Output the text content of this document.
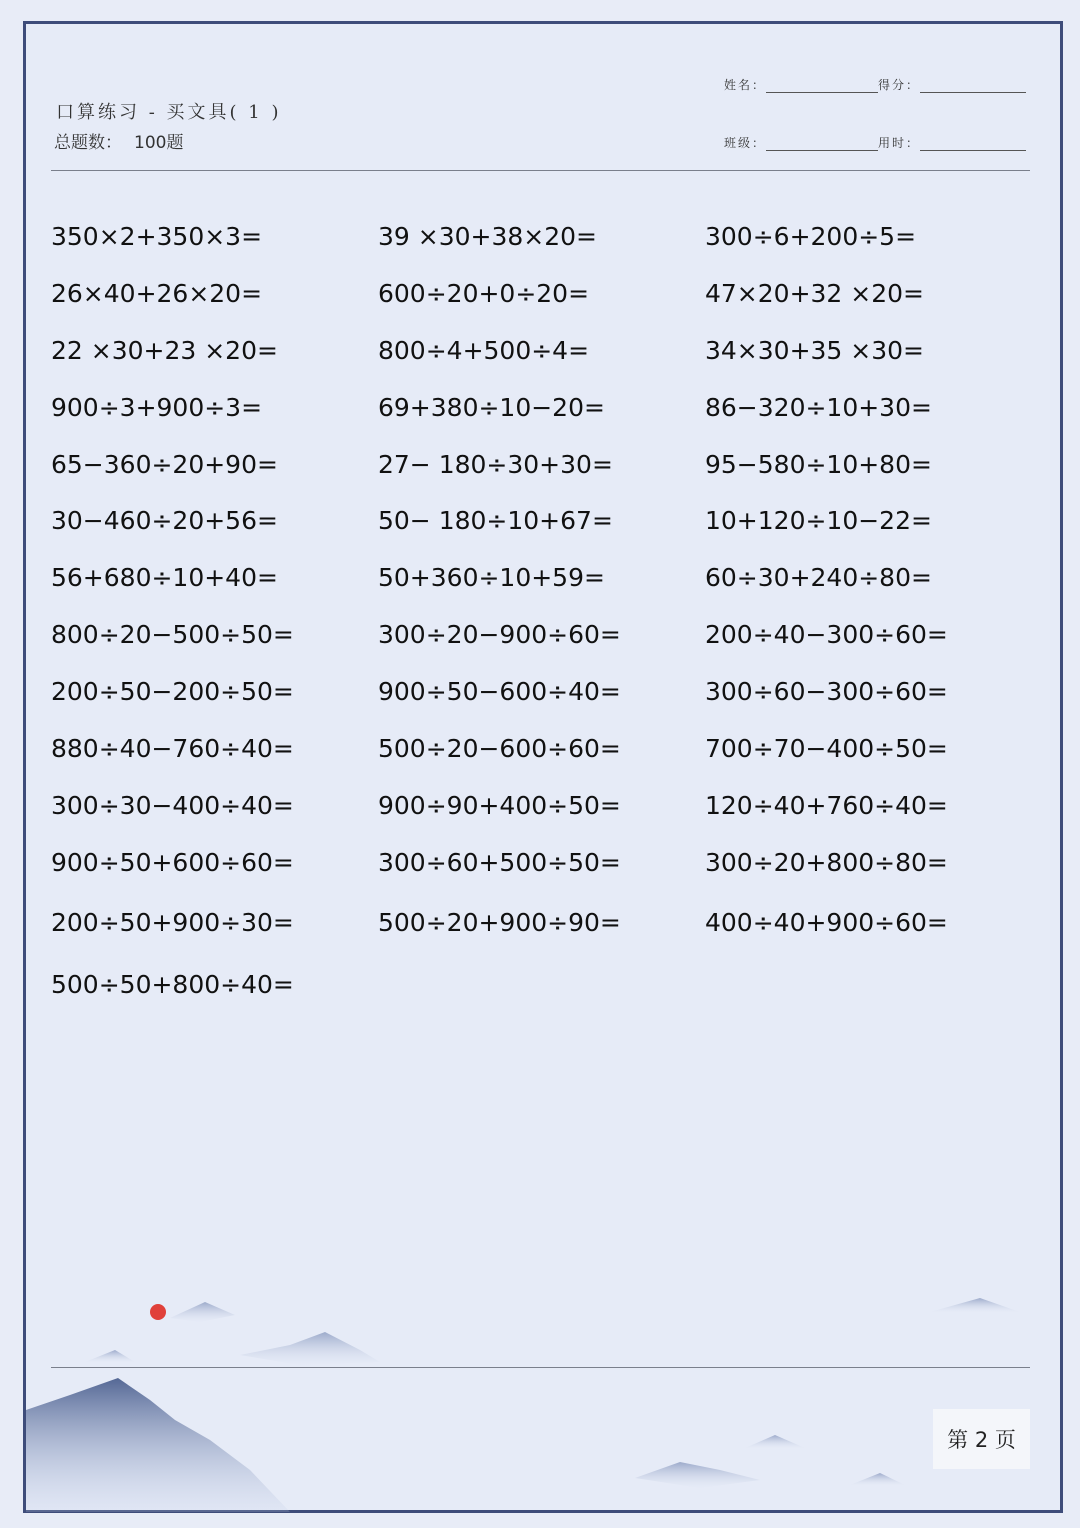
口算练习 - 买文具( 1 )
总题数： 100题
姓名：	得分：
班级：	用时：
第 2 页
350×2+350×3=
26×40+26×20=
22 ×30+23 ×20=
900÷3+900÷3=
65−360÷20+90=
30−460÷20+56=
56+680÷10+40=
800÷20−500÷50=
200÷50−200÷50=
880÷40−760÷40=
300÷30−400÷40=
900÷50+600÷60=
200÷50+900÷30=
500÷50+800÷40=
39 ×30+38×20=
600÷20+0÷20=
800÷4+500÷4=
69+380÷10−20=
27− 180÷30+30=
50− 180÷10+67=
50+360÷10+59=
300÷20−900÷60=
900÷50−600÷40=
500÷20−600÷60=
900÷90+400÷50=
300÷60+500÷50=
500÷20+900÷90=
300÷6+200÷5=
47×20+32 ×20=
34×30+35 ×30=
86−320÷10+30=
95−580÷10+80=
10+120÷10−22=
60÷30+240÷80=
200÷40−300÷60=
300÷60−300÷60=
700÷70−400÷50=
120÷40+760÷40=
300÷20+800÷80=
400÷40+900÷60=
